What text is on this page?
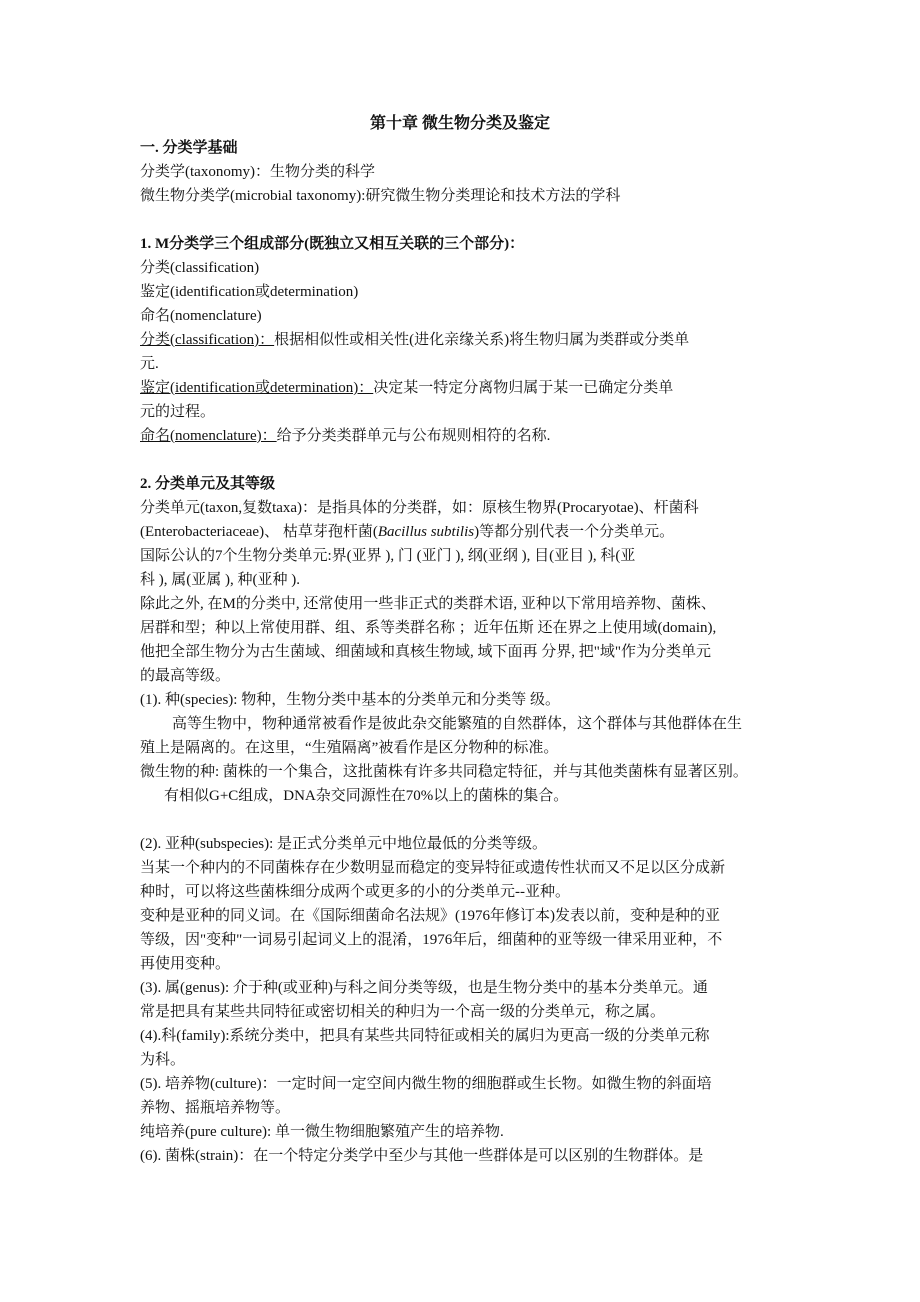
第十章 微生物分类及鉴定
一. 分类学基础
分类学(taxonomy)：生物分类的科学
微生物分类学(microbial taxonomy):研究微生物分类理论和技术方法的学科
1. M分类学三个组成部分(既独立又相互关联的三个部分)：
分类(classification)
鉴定(identification或determination)
命名(nomenclature)
分类(classification)：根据相似性或相关性(进化亲缘关系)将生物归属为类群或分类单
元.
鉴定(identification或determination)：决定某一特定分离物归属于某一已确定分类单
元的过程。
命名(nomenclature)：给予分类类群单元与公布规则相符的名称.
2. 分类单元及其等级
分类单元(taxon,复数taxa)：是指具体的分类群，如：原核生物界(Procaryotae)、杆菌科
(Enterobacteriaceae)、 枯草芽孢杆菌(Bacillus subtilis)等都分别代表一个分类单元。
国际公认的7个生物分类单元:界(亚界 ), 门 (亚门 ), 纲(亚纲 ), 目(亚目 ), 科(亚
科 ), 属(亚属 ), 种(亚种 ).
除此之外, 在M的分类中, 还常使用一些非正式的类群术语, 亚种以下常用培养物、菌株、
居群和型；种以上常使用群、组、系等类群名称 ；近年伍斯 还在界之上使用域(domain),
他把全部生物分为古生菌域、细菌域和真核生物域, 域下面再 分界, 把"域"作为分类单元
的最高等级。
(1). 种(species): 物种，生物分类中基本的分类单元和分类等 级。
高等生物中，物种通常被看作是彼此杂交能繁殖的自然群体，这个群体与其他群体在生
殖上是隔离的。在这里，“生殖隔离”被看作是区分物种的标准。
微生物的种: 菌株的一个集合，这批菌株有许多共同稳定特征，并与其他类菌株有显著区别。
有相似G+C组成，DNA杂交同源性在70%以上的菌株的集合。
(2). 亚种(subspecies): 是正式分类单元中地位最低的分类等级。
当某一个种内的不同菌株存在少数明显而稳定的变异特征或遗传性状而又不足以区分成新
种时，可以将这些菌株细分成两个或更多的小的分类单元--亚种。
变种是亚种的同义词。在《国际细菌命名法规》(1976年修订本)发表以前，变种是种的亚
等级，因"变种"一词易引起词义上的混淆，1976年后，细菌种的亚等级一律采用亚种，不
再使用变种。
(3). 属(genus): 介于种(或亚种)与科之间分类等级，也是生物分类中的基本分类单元。通
常是把具有某些共同特征或密切相关的种归为一个高一级的分类单元，称之属。
(4).科(family):系统分类中，把具有某些共同特征或相关的属归为更高一级的分类单元称
为科。
(5). 培养物(culture)：一定时间一定空间内微生物的细胞群或生长物。如微生物的斜面培
养物、摇瓶培养物等。
纯培养(pure culture): 单一微生物细胞繁殖产生的培养物.
(6). 菌株(strain)：在一个特定分类学中至少与其他一些群体是可以区别的生物群体。是
